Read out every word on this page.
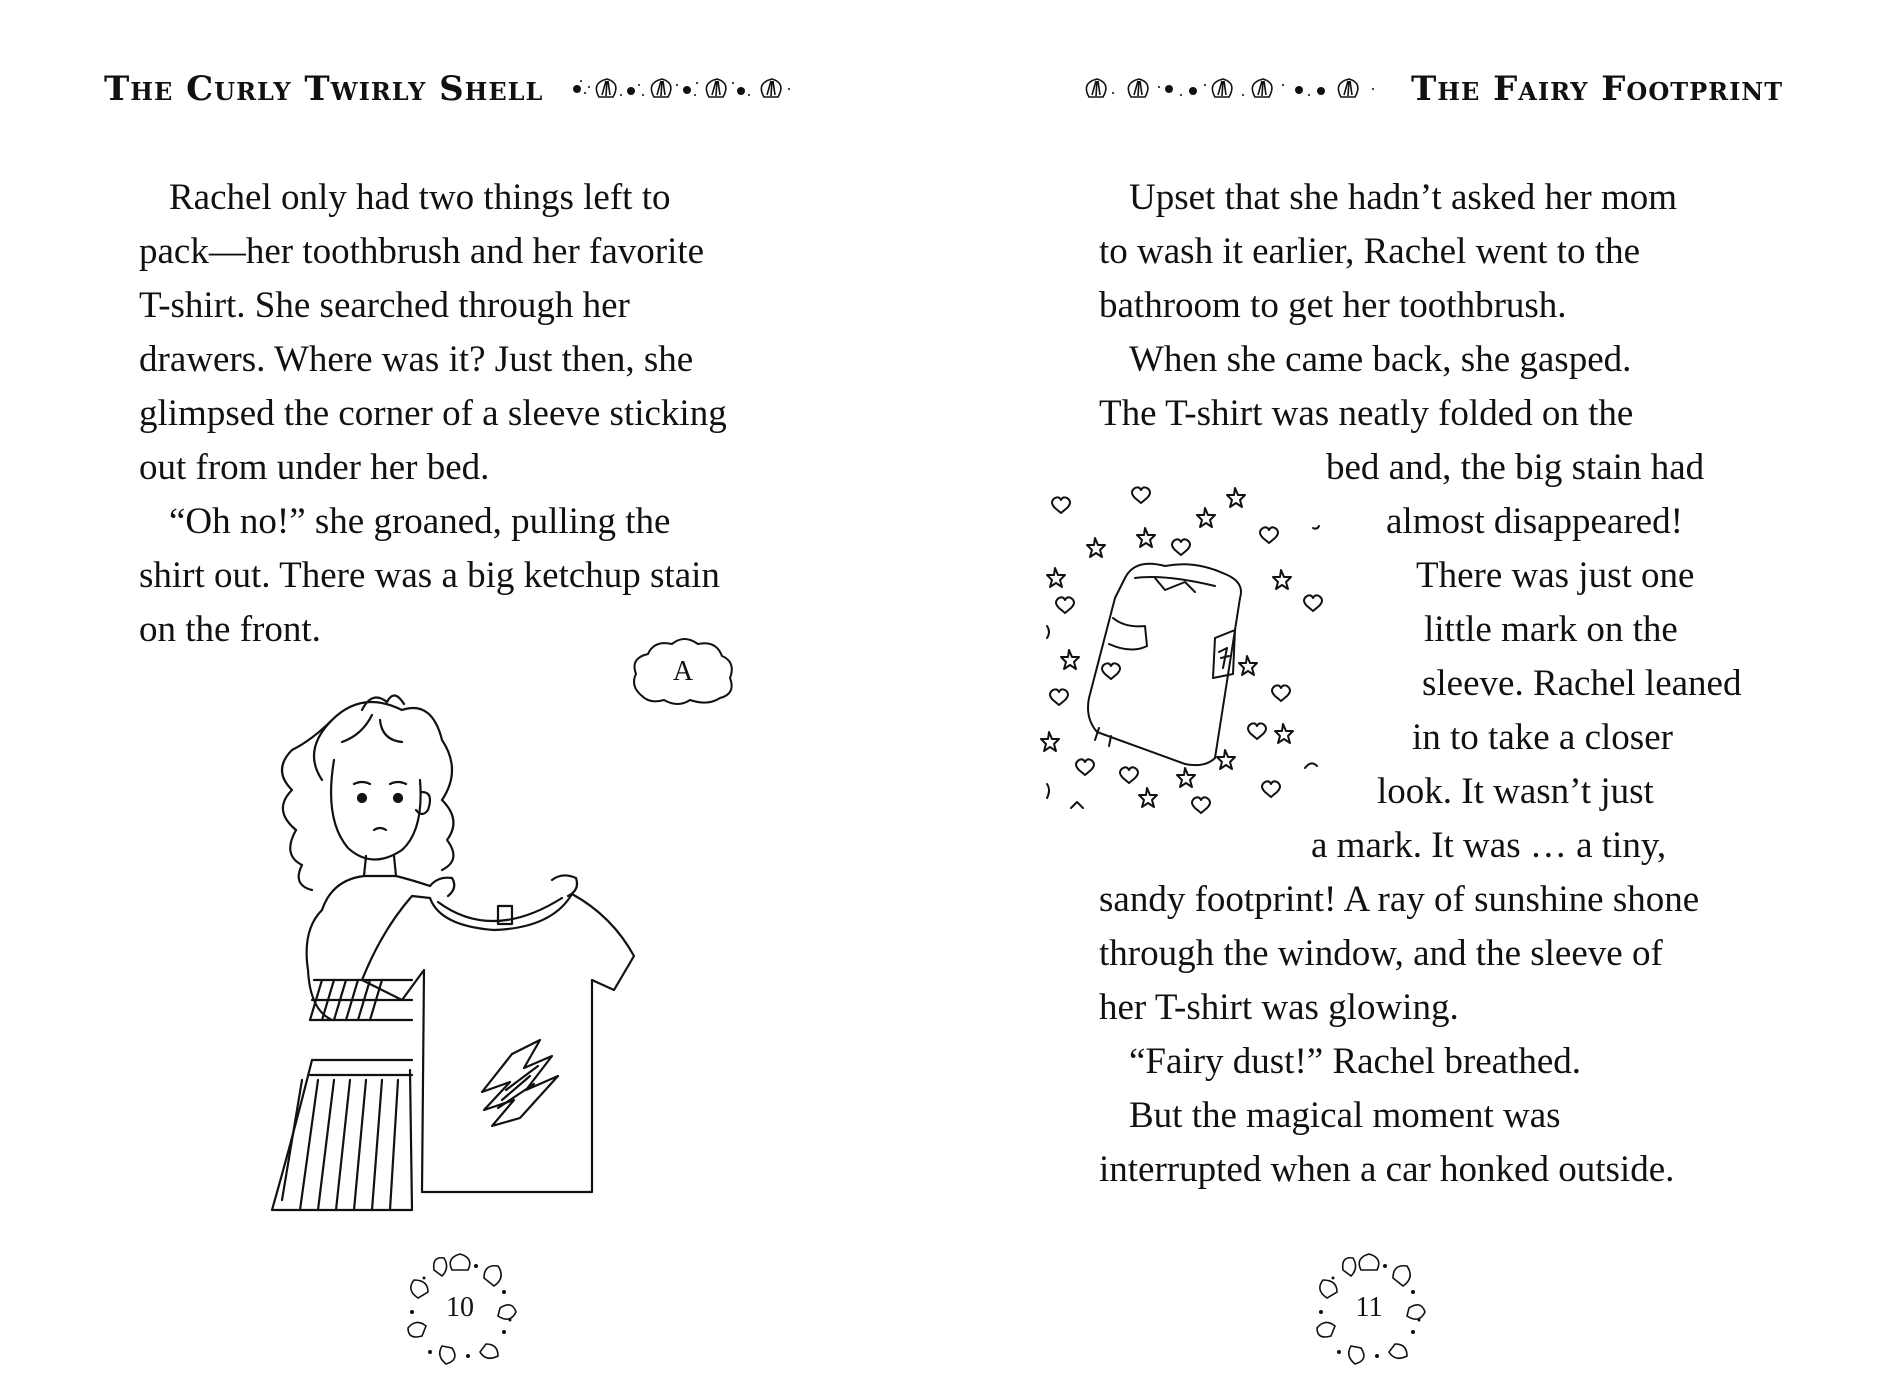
The Curly Twirly Shell

Rachel only had two things left to

pack—her toothbrush and her favorite

T-shirt. She searched through her

drawers. Where was it? Just then, she

glimpsed the corner of a sleeve sticking

out from under her bed.

“Oh no!” she groaned, pulling the

shirt out. There was a big ketchup stain

on the front.

A
10
The Fairy Footprint
Upset that she hadn’t asked her mom
to wash it earlier, Rachel went to the
bathroom to get her toothbrush.
When she came back, she gasped.
The T-shirt was neatly folded on the
bed and, the big stain had
almost disappeared!
There was just one
little mark on the
sleeve. Rachel leaned
in to take a closer
look. It wasn’t just
a mark. It was … a tiny,
sandy footprint! A ray of sunshine shone
through the window, and the sleeve of
her T-shirt was glowing.
“Fairy dust!” Rachel breathed.
But the magical moment was
interrupted when a car honked outside.
11
